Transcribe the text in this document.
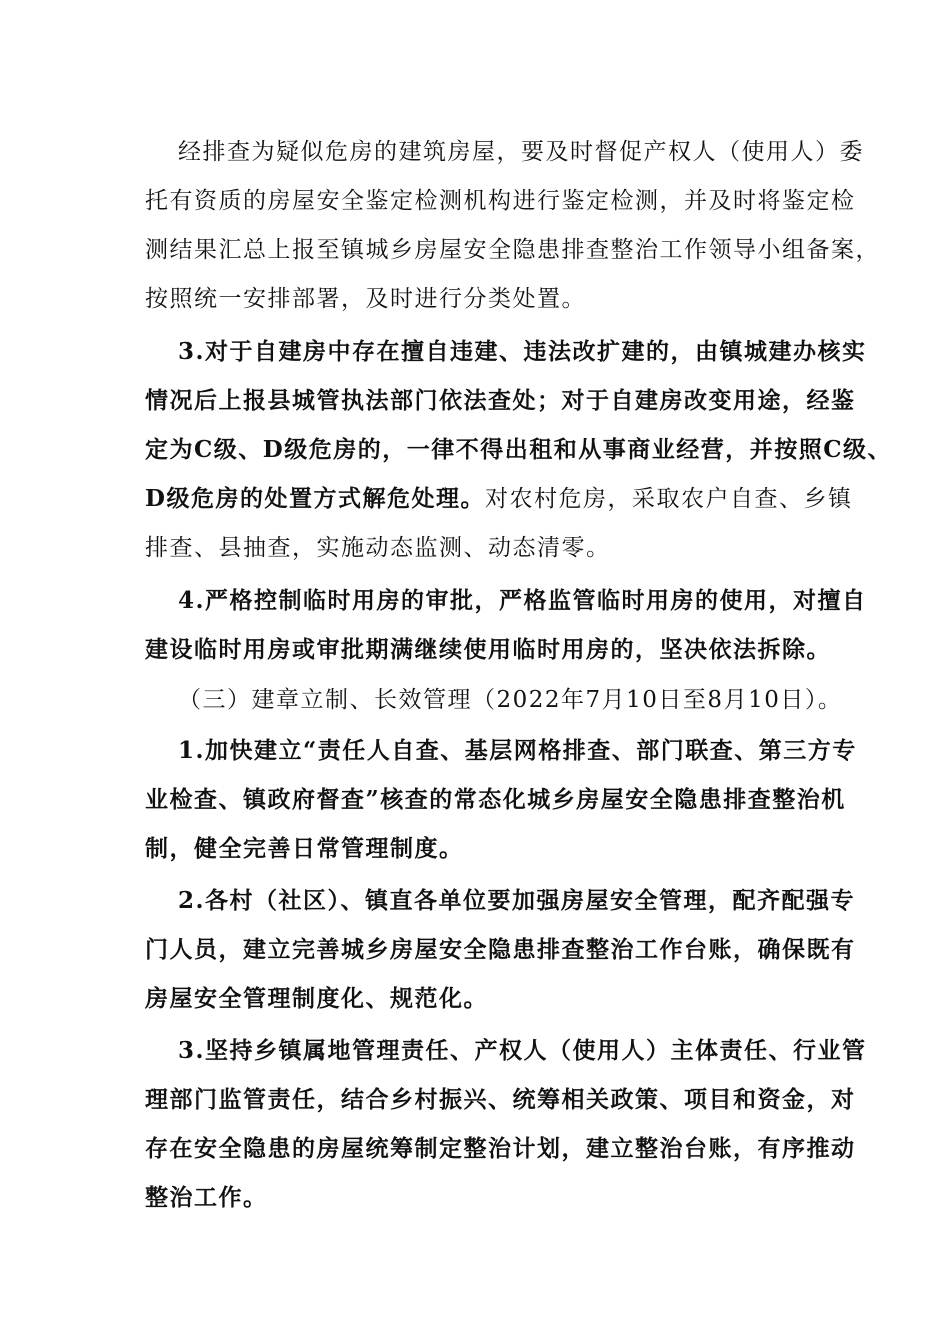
经排查为疑似危房的建筑房屋，要及时督促产权人（使用人）委
托有资质的房屋安全鉴定检测机构进行鉴定检测，并及时将鉴定检
测结果汇总上报至镇城乡房屋安全隐患排查整治工作领导小组备案，
按照统一安排部署，及时进行分类处置。
3.对于自建房中存在擅自违建、违法改扩建的，由镇城建办核实
情况后上报县城管执法部门依法查处；对于自建房改变用途，经鉴
定为C级、D级危房的，一律不得出租和从事商业经营，并按照C级、
D级危房的处置方式解危处理。对农村危房，采取农户自查、乡镇
排查、县抽查，实施动态监测、动态清零。
4.严格控制临时用房的审批，严格监管临时用房的使用，对擅自
建设临时用房或审批期满继续使用临时用房的，坚决依法拆除。
（三）建章立制、长效管理（2022年7月10日至8月10日）。
1.加快建立“责任人自查、基层网格排查、部门联查、第三方专
业检查、镇政府督查”核查的常态化城乡房屋安全隐患排查整治机
制，健全完善日常管理制度。
2.各村（社区）、镇直各单位要加强房屋安全管理，配齐配强专
门人员，建立完善城乡房屋安全隐患排查整治工作台账，确保既有
房屋安全管理制度化、规范化。
3.坚持乡镇属地管理责任、产权人（使用人）主体责任、行业管
理部门监管责任，结合乡村振兴、统筹相关政策、项目和资金，对
存在安全隐患的房屋统筹制定整治计划，建立整治台账，有序推动
整治工作。
